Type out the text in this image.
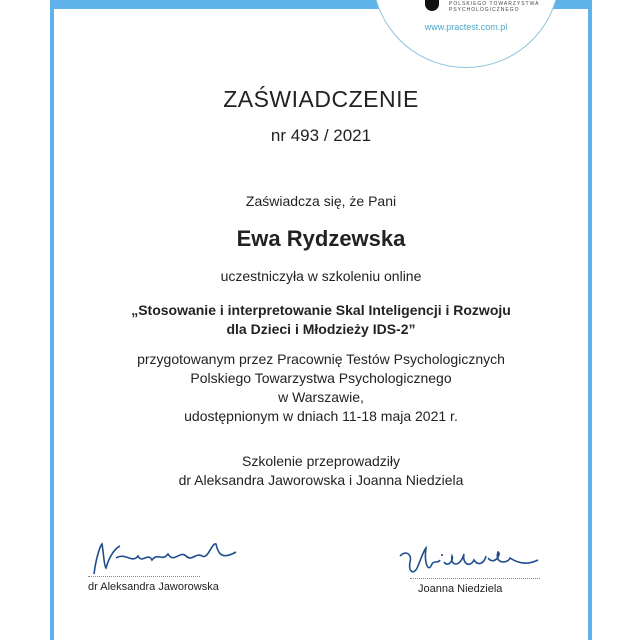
POLSKIEGO TOWARZYSTWA
PSYCHOLOGICZNEGO
www.practest.com.pl
ZAŚWIADCZENIE
nr 493 / 2021
Zaświadcza się, że Pani
Ewa Rydzewska
uczestniczyła w szkoleniu online
„Stosowanie i interpretowanie Skal Inteligencji i Rozwoju
dla Dzieci i Młodzieży IDS-2”
przygotowanym przez Pracownię Testów Psychologicznych
Polskiego Towarzystwa Psychologicznego
w Warszawie,
udostępnionym w dniach 11-18 maja 2021 r.
Szkolenie przeprowadziły
dr Aleksandra Jaworowska i Joanna Niedziela
dr Aleksandra Jaworowska	Joanna Niedziela
